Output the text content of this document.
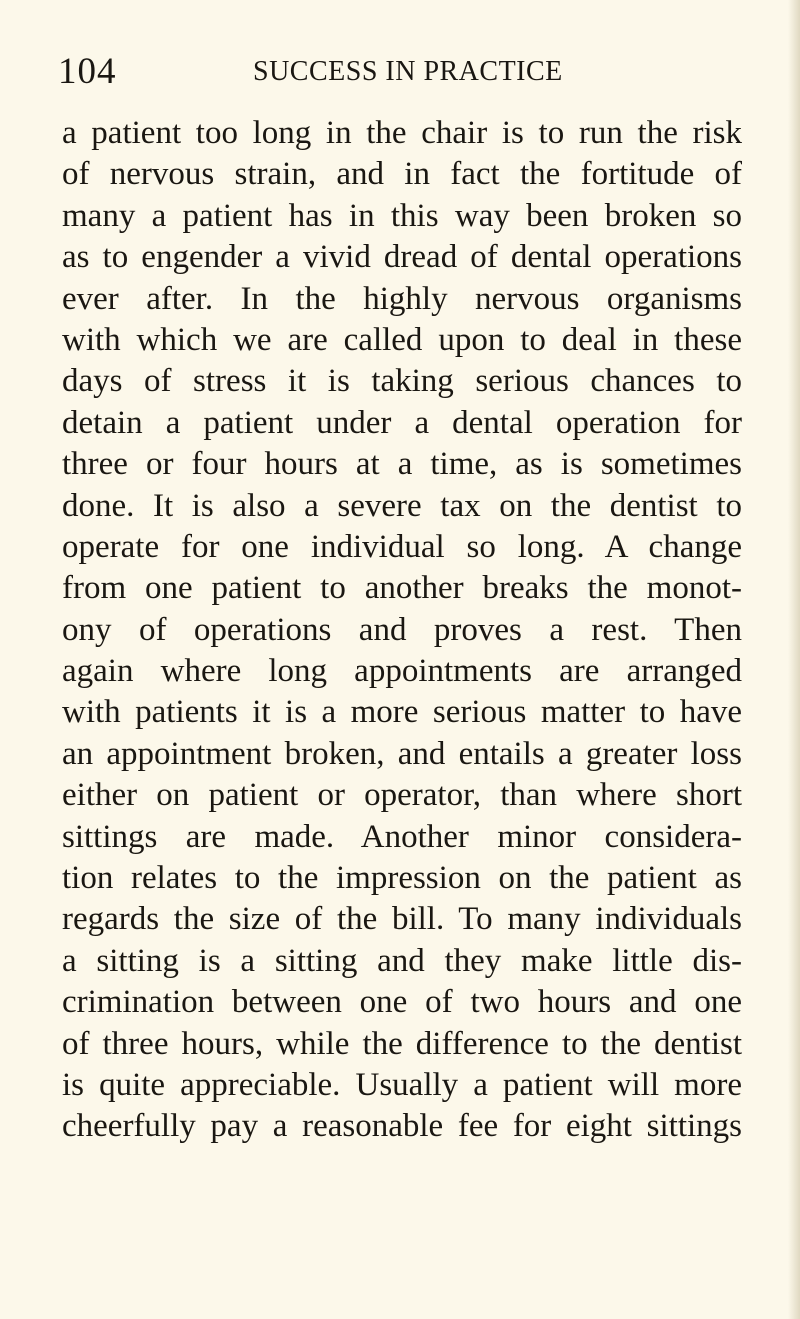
104	SUCCESS IN PRACTICE
a patient too long in the chair is to run the risk
of nervous strain, and in fact the fortitude of
many a patient has in this way been broken so
as to engender a vivid dread of dental operations
ever after. In the highly nervous organisms
with which we are called upon to deal in these
days of stress it is taking serious chances to
detain a patient under a dental operation for
three or four hours at a time, as is sometimes
done. It is also a severe tax on the dentist to
operate for one individual so long. A change
from one patient to another breaks the monot-
ony of operations and proves a rest. Then
again where long appointments are arranged
with patients it is a more serious matter to have
an appointment broken, and entails a greater loss
either on patient or operator, than where short
sittings are made. Another minor considera-
tion relates to the impression on the patient as
regards the size of the bill. To many individuals
a sitting is a sitting and they make little dis-
crimination between one of two hours and one
of three hours, while the difference to the dentist
is quite appreciable. Usually a patient will more
cheerfully pay a reasonable fee for eight sittings
